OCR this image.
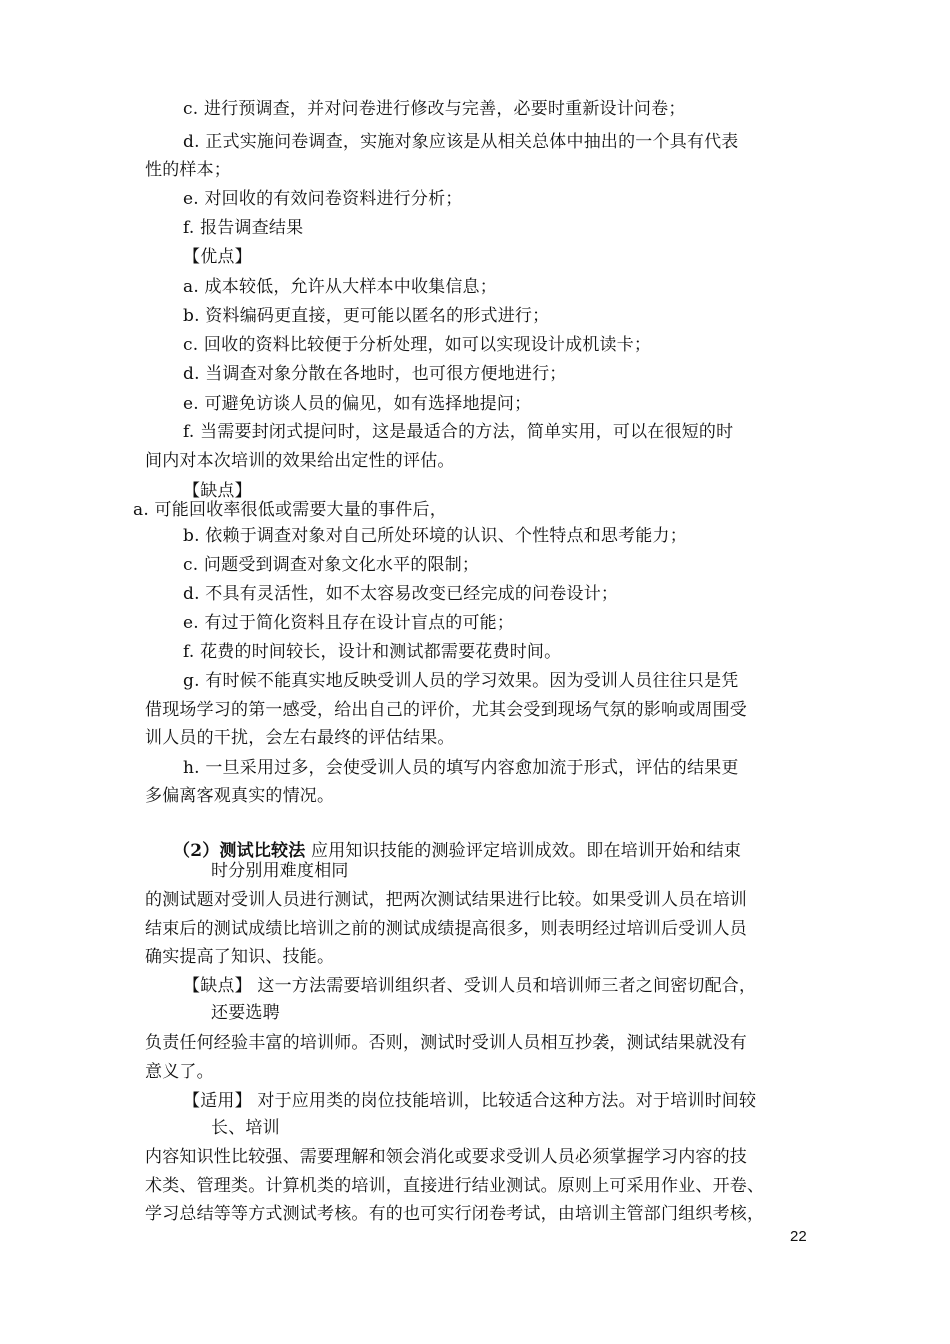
c. 进行预调查，并对问卷进行修改与完善，必要时重新设计问卷；
d. 正式实施问卷调查，实施对象应该是从相关总体中抽出的一个具有代表
性的样本；
e. 对回收的有效问卷资料进行分析；
f. 报告调查结果
【优点】
a. 成本较低，允许从大样本中收集信息；
b. 资料编码更直接，更可能以匿名的形式进行；
c. 回收的资料比较便于分析处理，如可以实现设计成机读卡；
d. 当调查对象分散在各地时，也可很方便地进行；
e. 可避免访谈人员的偏见，如有选择地提问；
f. 当需要封闭式提问时，这是最适合的方法，简单实用，可以在很短的时
间内对本次培训的效果给出定性的评估。
【缺点】
a. 可能回收率很低或需要大量的事件后，
b. 依赖于调查对象对自己所处环境的认识、个性特点和思考能力；
c. 问题受到调查对象文化水平的限制；
d. 不具有灵活性，如不太容易改变已经完成的问卷设计；
e. 有过于简化资料且存在设计盲点的可能；
f. 花费的时间较长，设计和测试都需要花费时间。
g. 有时候不能真实地反映受训人员的学习效果。因为受训人员往往只是凭
借现场学习的第一感受，给出自己的评价，尤其会受到现场气氛的影响或周围受
训人员的干扰，会左右最终的评估结果。
h. 一旦采用过多，会使受训人员的填写内容愈加流于形式，评估的结果更
多偏离客观真实的情况。
（2）测试比较法 应用知识技能的测验评定培训成效。即在培训开始和结束
时分别用难度相同
的测试题对受训人员进行测试，把两次测试结果进行比较。如果受训人员在培训
结束后的测试成绩比培训之前的测试成绩提高很多，则表明经过培训后受训人员
确实提高了知识、技能。
【缺点】 这一方法需要培训组织者、受训人员和培训师三者之间密切配合，
还要选聘
负责任何经验丰富的培训师。否则，测试时受训人员相互抄袭，测试结果就没有
意义了。
【适用】 对于应用类的岗位技能培训，比较适合这种方法。对于培训时间较
长、培训
内容知识性比较强、需要理解和领会消化或要求受训人员必须掌握学习内容的技
术类、管理类。计算机类的培训，直接进行结业测试。原则上可采用作业、开卷、
学习总结等等方式测试考核。有的也可实行闭卷考试，由培训主管部门组织考核，
22
